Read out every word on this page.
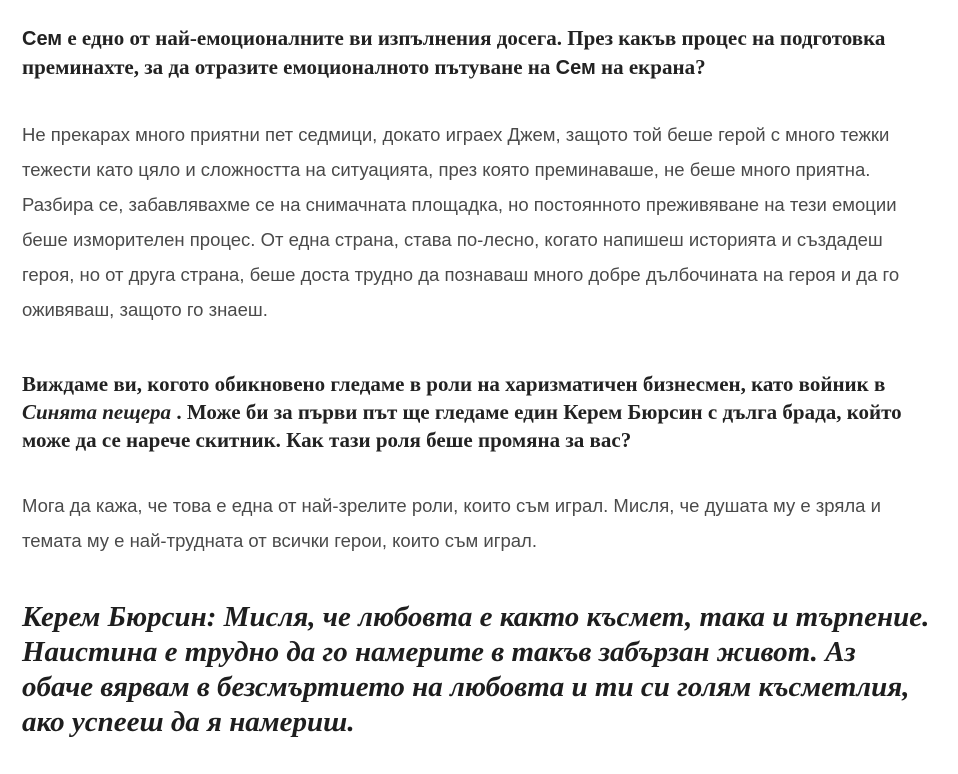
Сем е едно от най-емоционалните ви изпълнения досега. През какъв процес на подготовка преминахте, за да отразите емоционалното пътуване на Сем на екрана?

Не прекарах много приятни пет седмици, докато играех Джем, защото той беше герой с много тежки тежести като цяло и сложността на ситуацията, през която преминаваше, не беше много приятна. Разбира се, забавлявахме се на снимачната площадка, но постоянното преживяване на тези емоции беше изморителен процес. От една страна, става по-лесно, когато напишеш историята и създадеш героя, но от друга страна, беше доста трудно да познаваш много добре дълбочината на героя и да го оживяваш, защото го знаеш.

Виждаме ви, когото обикновено гледаме в роли на харизматичен бизнесмен, като войник в Синята пещера . Може би за първи път ще гледаме един Керем Бюрсин с дълга брада, който може да се нарече скитник. Как тази роля беше промяна за вас?

Мога да кажа, че това е една от най-зрелите роли, които съм играл. Мисля, че душата му е зряла и темата му е най-трудната от всички герои, които съм играл.

Керем Бюрсин: Мисля, че любовта е както късмет, така и търпение. Наистина е трудно да го намерите в такъв забързан живот. Аз обаче вярвам в безсмъртието на любовта и ти си голям късметлия, ако успееш да я намериш.
